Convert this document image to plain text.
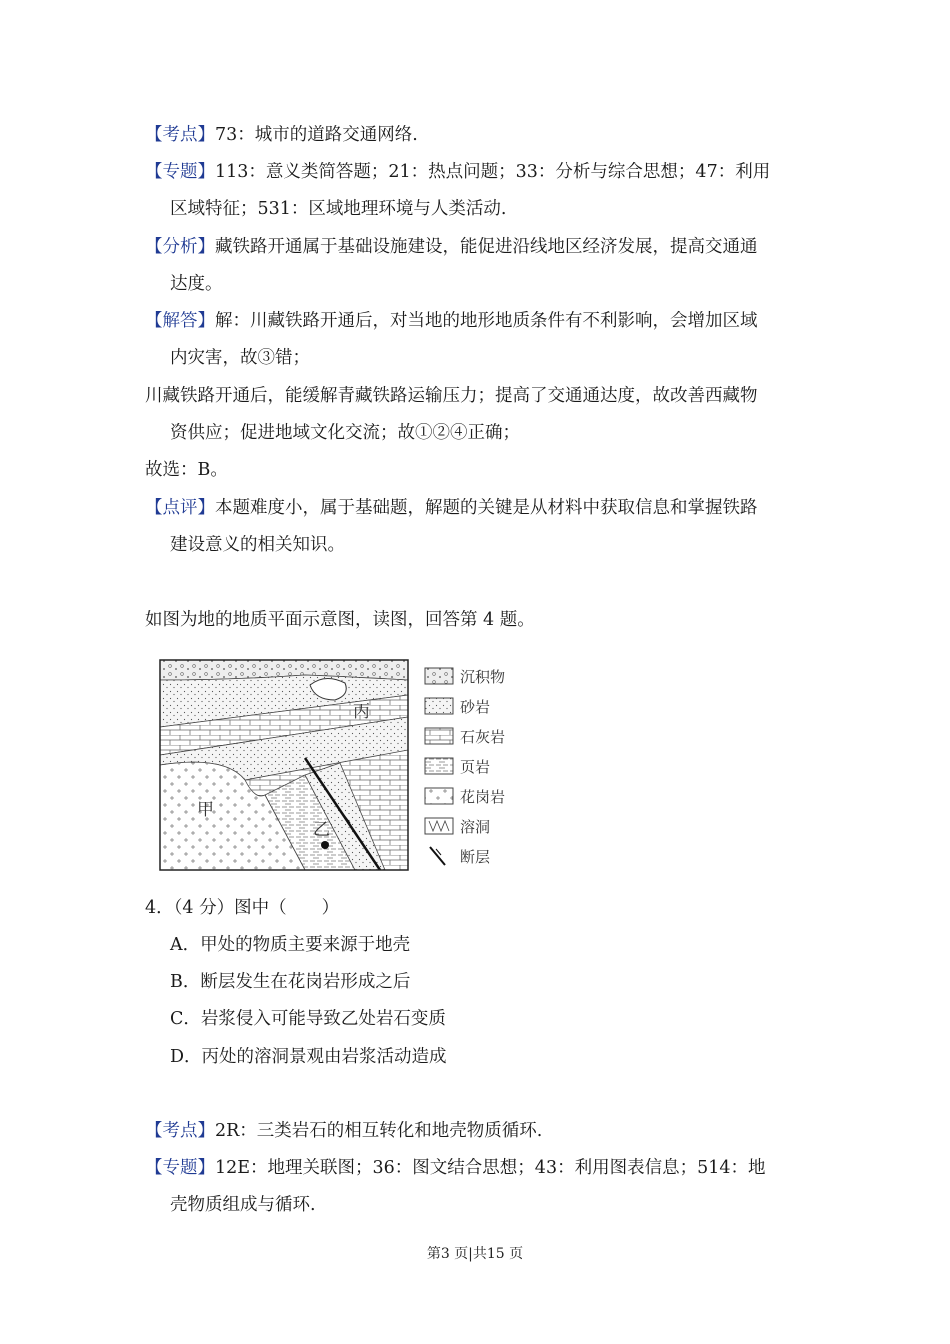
【考点】73：城市的道路交通网络.
【专题】113：意义类简答题；21：热点问题；33：分析与综合思想；47：利用
区域特征；531：区域地理环境与人类活动.
【分析】藏铁路开通属于基础设施建设，能促进沿线地区经济发展，提高交通通
达度。
【解答】解：川藏铁路开通后，对当地的地形地质条件有不利影响，会增加区域
内灾害，故③错；
川藏铁路开通后，能缓解青藏铁路运输压力；提高了交通通达度，故改善西藏物
资供应；促进地域文化交流；故①②④正确；
故选：B。
【点评】本题难度小，属于基础题，解题的关键是从材料中获取信息和掌握铁路
建设意义的相关知识。
如图为地的地质平面示意图，读图，回答第 4 题。
甲
乙
丙
沉积物
砂岩
石灰岩
页岩
花岗岩
溶洞
断层
4．（4 分）图中（　　）
A．甲处的物质主要来源于地壳
B．断层发生在花岗岩形成之后
C．岩浆侵入可能导致乙处岩石变质
D．丙处的溶洞景观由岩浆活动造成
【考点】2R：三类岩石的相互转化和地壳物质循环.
【专题】12E：地理关联图；36：图文结合思想；43：利用图表信息；514：地
壳物质组成与循环.
第3 页|共15 页
